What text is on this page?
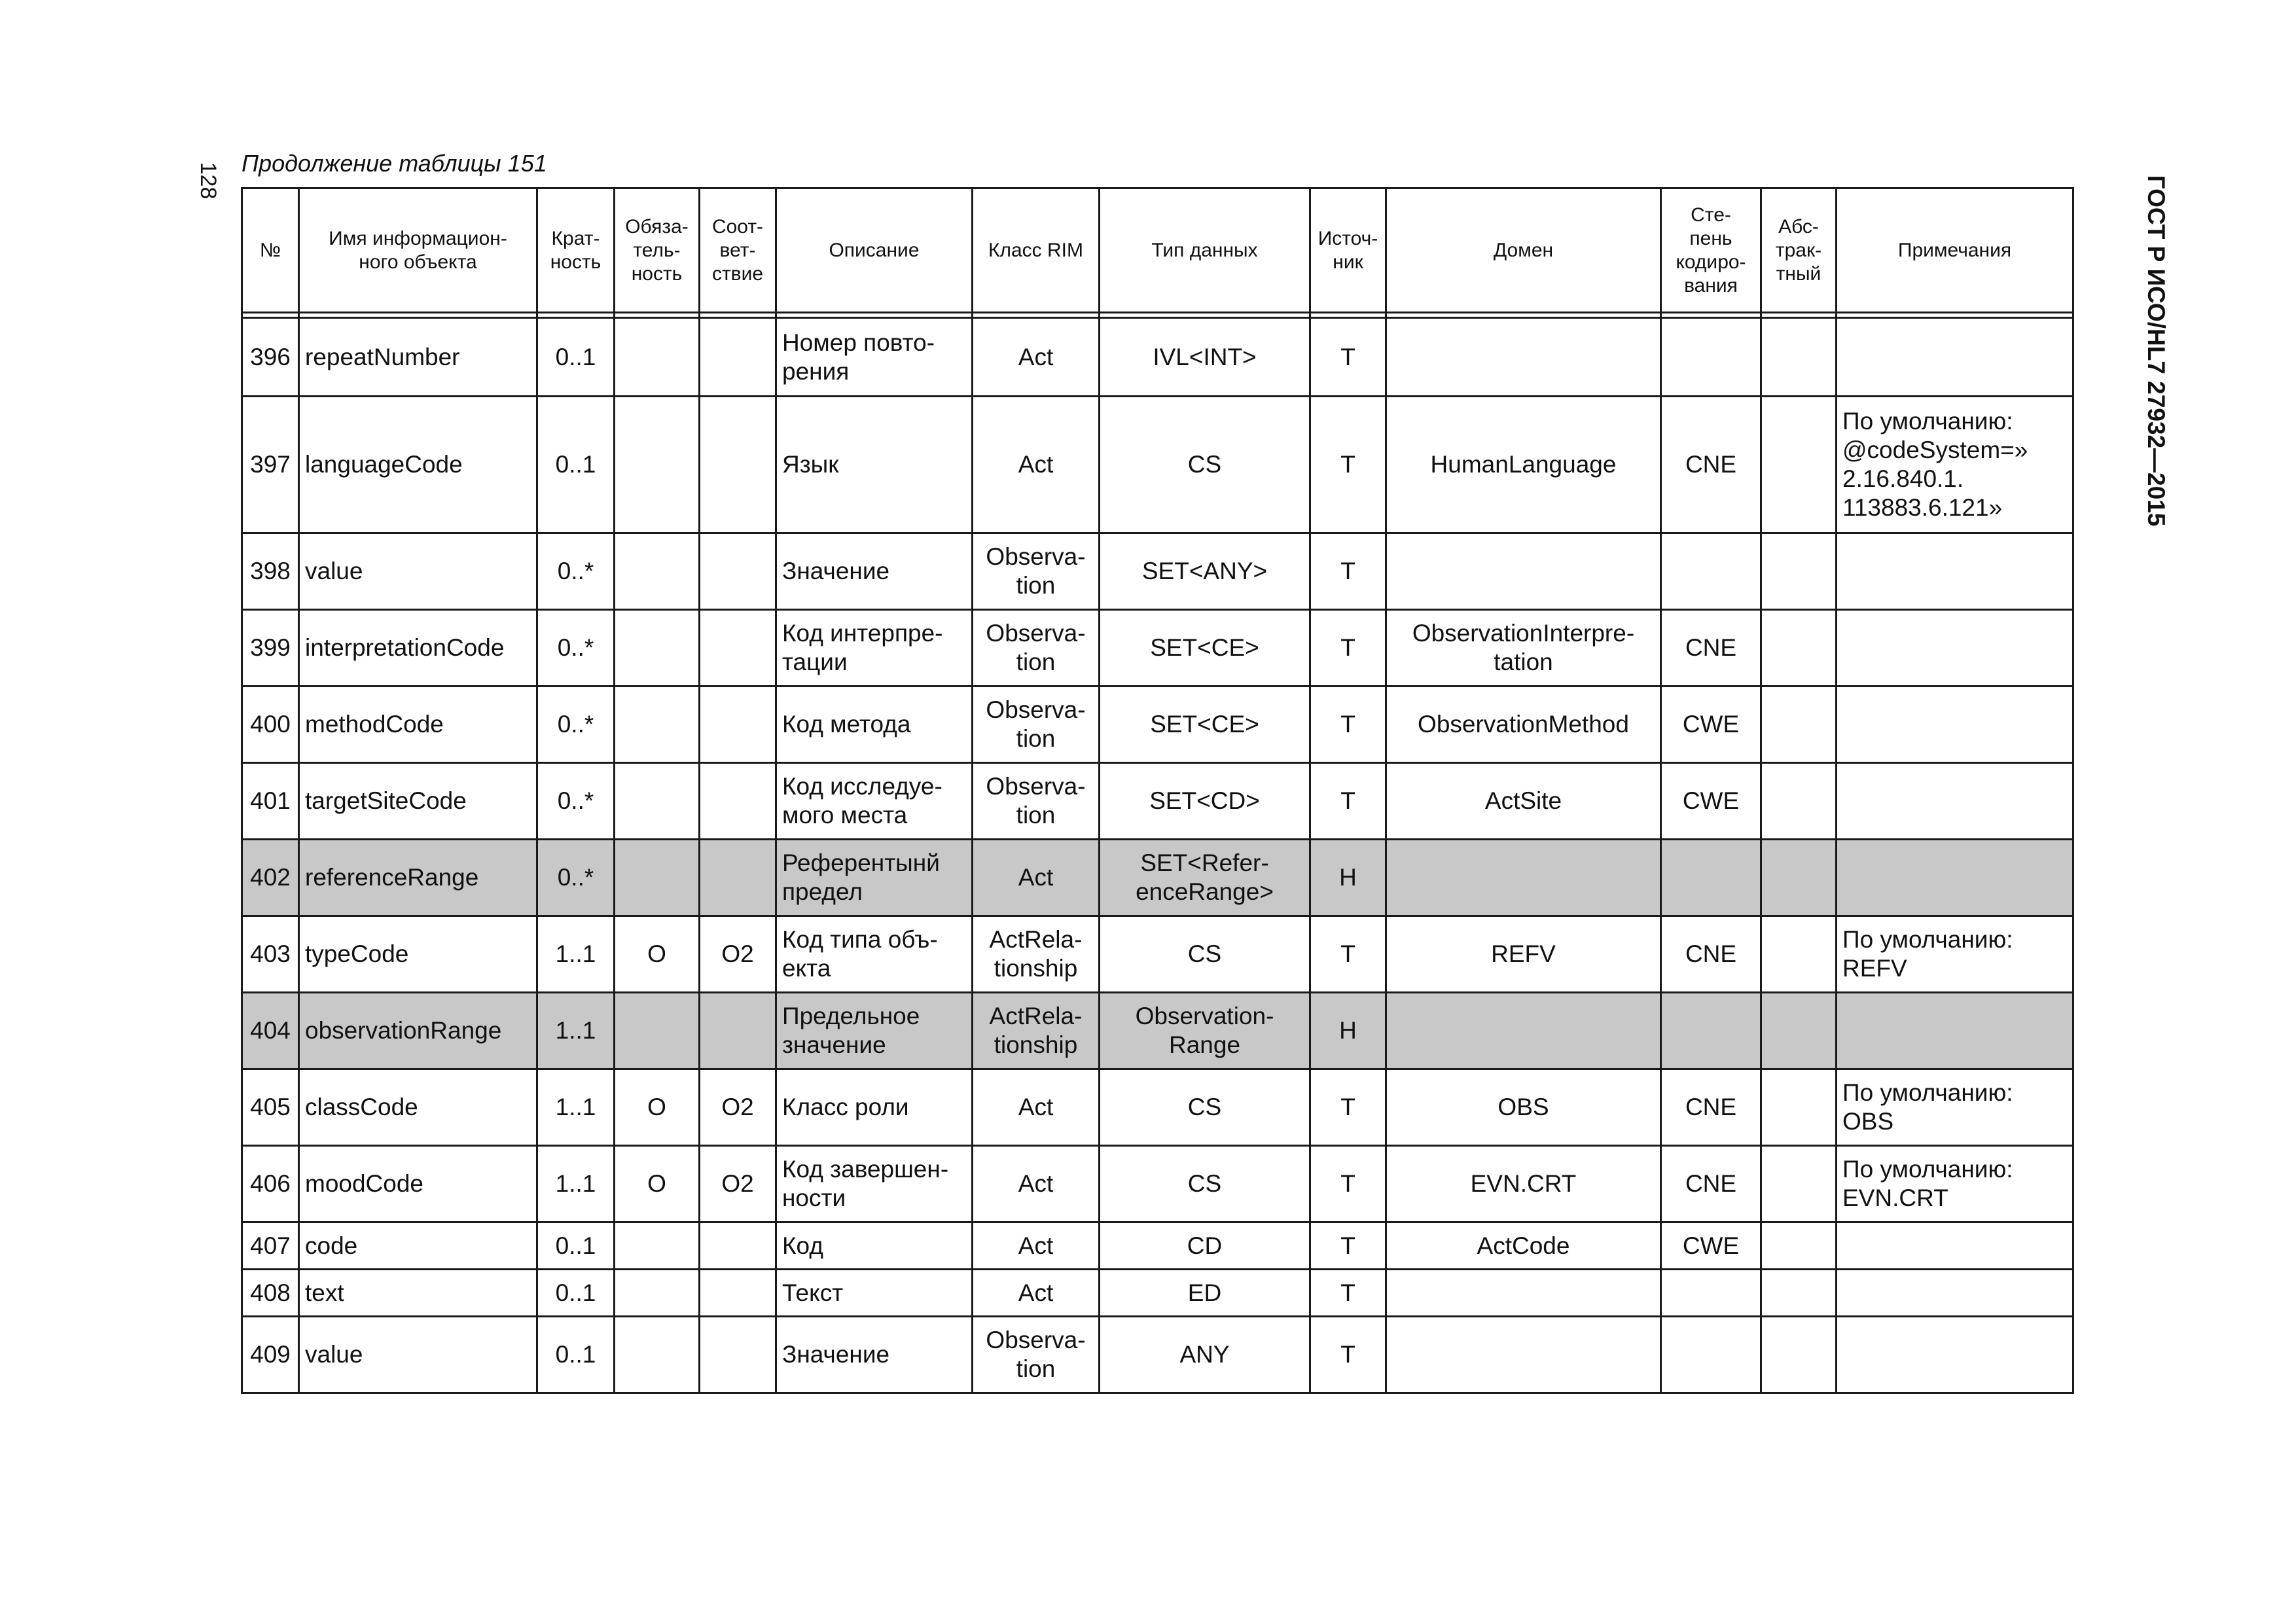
128 Продолжение таблицы 151
ГОСТ Р ИСО/HL7 27932—2015
№	Имя информацион-
ного объекта	Крат-
ность	Обяза-
тель-
ность	Соот-
вет-
ствие	Описание	Класс RIM	Тип данных	Источ-
ник	Домен	Сте-
пень
кодиро-
вания	Абс-
трак-
тный	Примечания

396	repeatNumber	0..1			Номер повто-
рения	Act	IVL<INT>	T				
397	languageCode	0..1			Язык	Act	CS	T	HumanLanguage	CNE		По умолчанию:
@codeSystem=»
2.16.840.1.
113883.6.121»
398	value	0..*			Значение	Observa-
tion	SET<ANY>	T				
399	interpretationCode	0..*			Код интерпре-
тации	Observa-
tion	SET<CE>	T	ObservationInterpre-
tation	CNE		
400	methodCode	0..*			Код метода	Observa-
tion	SET<CE>	T	ObservationMethod	CWE		
401	targetSiteCode	0..*			Код исследуе-
мого места	Observa-
tion	SET<CD>	T	ActSite	CWE		
402	referenceRange	0..*			Референтынй
предел	Act	SET<Refer-
enceRange>	H				
403	typeCode	1..1	O	O2	Код типа объ-
екта	ActRela-
tionship	CS	T	REFV	CNE		По умолчанию:
REFV
404	observationRange	1..1			Предельное
значение	ActRela-
tionship	Observation-
Range	H				
405	classCode	1..1	O	O2	Класс роли	Act	CS	T	OBS	CNE		По умолчанию:
OBS
406	moodCode	1..1	O	O2	Код завершен-
ности	Act	CS	T	EVN.CRT	CNE		По умолчанию:
EVN.CRT
407	code	0..1			Код	Act	CD	T	ActCode	CWE		
408	text	0..1			Текст	Act	ED	T				
409	value	0..1			Значение	Observa-
tion	ANY	T				
